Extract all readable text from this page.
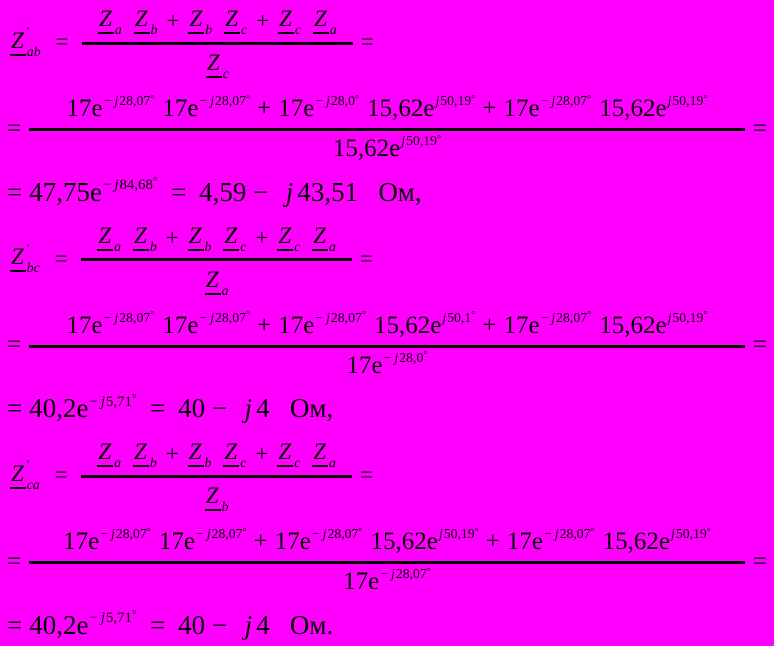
Z ′
ab = $\frac{\text{Z a Z b + Z b Z c + Z c Z a}}{\text{Z c}}$ =
=
17e− j28,07° 17e− j28,07° + 17e− j28,0° 15,62ej50,19° + 17e− j28,07° 15,62ej50,19°
15,62ej50,19°	=
= 47,75e− j84,68° = 4,59 − j 43,51   Ом,
Z ′
bc = $\frac{\text{Z a Z b + Z b Z c + Z c Z a}}{\text{Z a}}$ =
=
17e− j28,07° 17e− j28,07° + 17e− j28,07° 15,62ej50,1° + 17e− j28,07° 15,62ej50,19°
17e− j28,0°	=
= 40,2e− j5,71° = 40 − j 4   Ом,
Z ′
ca = $\frac{\text{Z a Z b + Z b Z c + Z c Z a}}{\text{Z b}}$ =
=
17e− j28,07° 17e− j28,07° + 17e− j28,07° 15,62ej50,19° + 17e− j28,07° 15,62ej50,19°
17e− j28,07°	=
= 40,2e− j5,71° = 40 − j 4   Ом.
